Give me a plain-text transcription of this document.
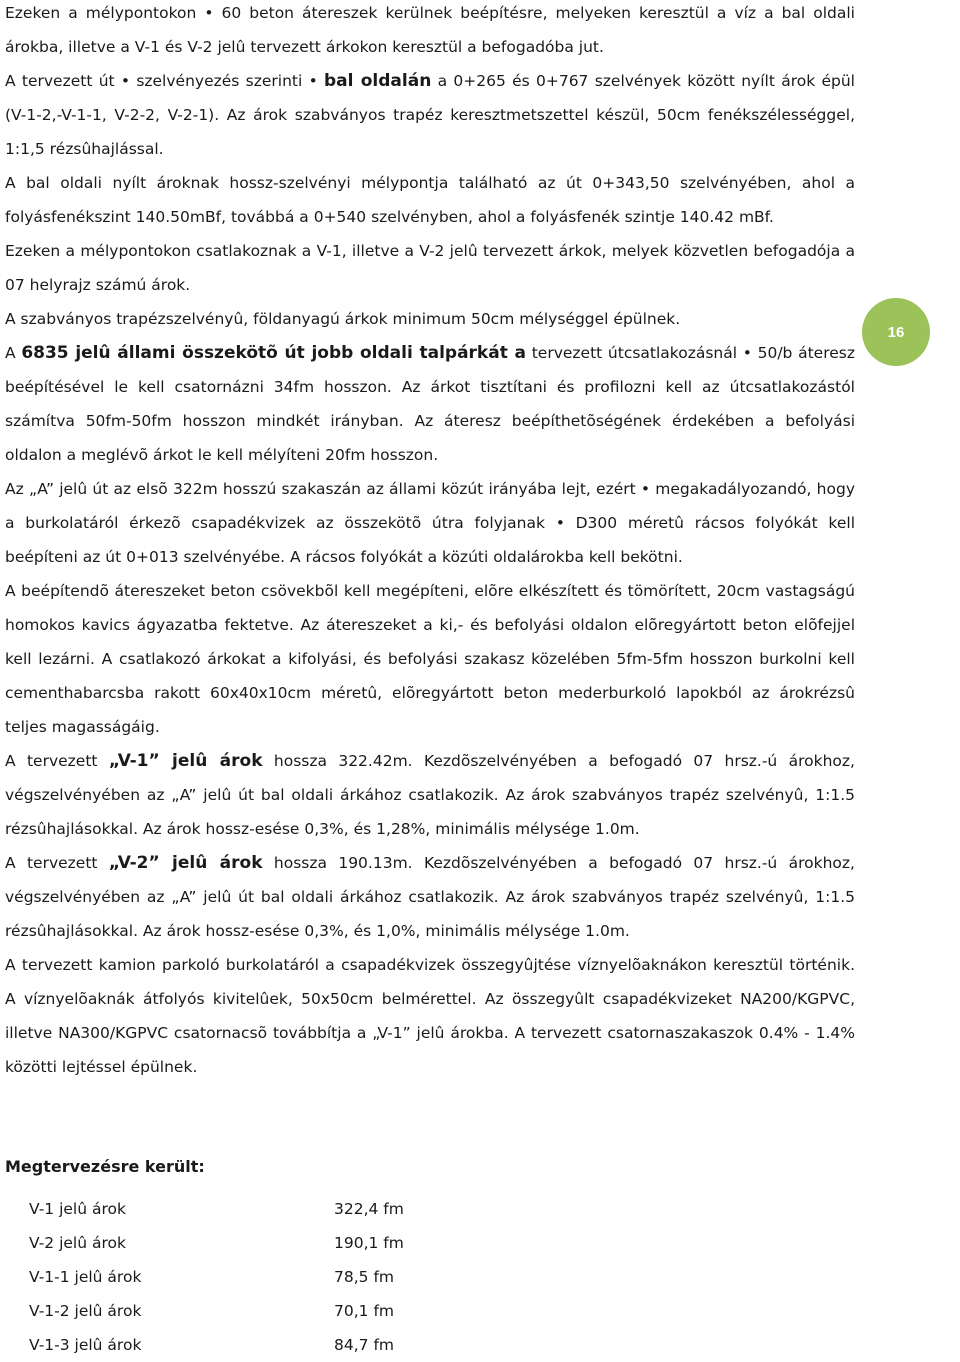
Ezeken a mélypontokon • 60 beton átereszek kerülnek beépítésre, melyeken keresztül a víz a bal oldali árokba, illetve a V-1 és V-2 jelû tervezett árkokon keresztül a befogadóba jut.

A tervezett út • szelvényezés szerinti • bal oldalán a 0+265 és 0+767 szelvények között nyílt árok épül (V-1-2,-V-1-1, V-2-2, V-2-1). Az árok szabványos trapéz keresztmetszettel készül, 50cm fenékszélességgel, 1:1,5 rézsûhajlással.

A bal oldali nyílt ároknak hossz-szelvényi mélypontja található az út 0+343,50 szelvényében, ahol a folyásfenékszint 140.50mBf, továbbá a 0+540 szelvényben, ahol a folyásfenék szintje 140.42 mBf.

Ezeken a mélypontokon csatlakoznak a V-1, illetve a V-2 jelû tervezett árkok, melyek közvetlen befogadója a 07 helyrajz számú árok.

A szabványos trapézszelvényû, földanyagú árkok minimum 50cm mélységgel épülnek.

A 6835 jelû állami összekötõ út jobb oldali talpárkát a tervezett útcsatlakozásnál • 50/b áteresz beépítésével le kell csatornázni 34fm hosszon. Az árkot tisztítani és profilozni kell az útcsatlakozástól számítva 50fm-50fm hosszon mindkét irányban. Az áteresz beépíthetõségének érdekében a befolyási oldalon a meglévõ árkot le kell mélyíteni 20fm hosszon.

Az „A” jelû út az elsõ 322m hosszú szakaszán az állami közút irányába lejt, ezért • megakadályozandó, hogy a burkolatáról érkezõ csapadékvizek az összekötõ útra folyjanak • D300 méretû rácsos folyókát kell beépíteni az út 0+013 szelvényébe. A rácsos folyókát a közúti oldalárokba kell bekötni.

A beépítendõ átereszeket beton csövekbõl kell megépíteni, elõre elkészített és tömörített, 20cm vastagságú homokos kavics ágyazatba fektetve. Az átereszeket a ki,- és befolyási oldalon elõregyártott beton elõfejjel kell lezárni. A csatlakozó árkokat a kifolyási, és befolyási szakasz közelében 5fm-5fm hosszon burkolni kell cementhabarcsba rakott 60x40x10cm méretû, elõregyártott beton mederburkoló lapokból az árokrézsû teljes magasságáig.

A tervezett „V-1” jelû árok hossza 322.42m. Kezdõszelvényében a befogadó 07 hrsz.-ú árokhoz, végszelvényében az „A” jelû út bal oldali árkához csatlakozik. Az árok szabványos trapéz szelvényû, 1:1.5 rézsûhajlásokkal. Az árok hossz-esése 0,3%, és 1,28%, minimális mélysége 1.0m.

A tervezett „V-2” jelû árok hossza 190.13m. Kezdõszelvényében a befogadó 07 hrsz.-ú árokhoz, végszelvényében az „A” jelû út bal oldali árkához csatlakozik. Az árok szabványos trapéz szelvényû, 1:1.5 rézsûhajlásokkal. Az árok hossz-esése 0,3%, és 1,0%, minimális mélysége 1.0m.

A tervezett kamion parkoló burkolatáról a csapadékvizek összegyûjtése víznyelõaknákon keresztül történik. A víznyelõaknák átfolyós kivitelûek, 50x50cm belmérettel. Az összegyûlt csapadékvizeket NA200/KGPVC, illetve NA300/KGPVC csatornacsõ továbbítja a „V-1” jelû árokba. A tervezett csatornaszakaszok 0.4% - 1.4% közötti lejtéssel épülnek.

16
Megtervezésre került:
V-1 jelû árok	322,4 fm
V-2 jelû árok	190,1 fm
V-1-1 jelû árok	78,5 fm
V-1-2 jelû árok	70,1 fm
V-1-3 jelû árok	84,7 fm
